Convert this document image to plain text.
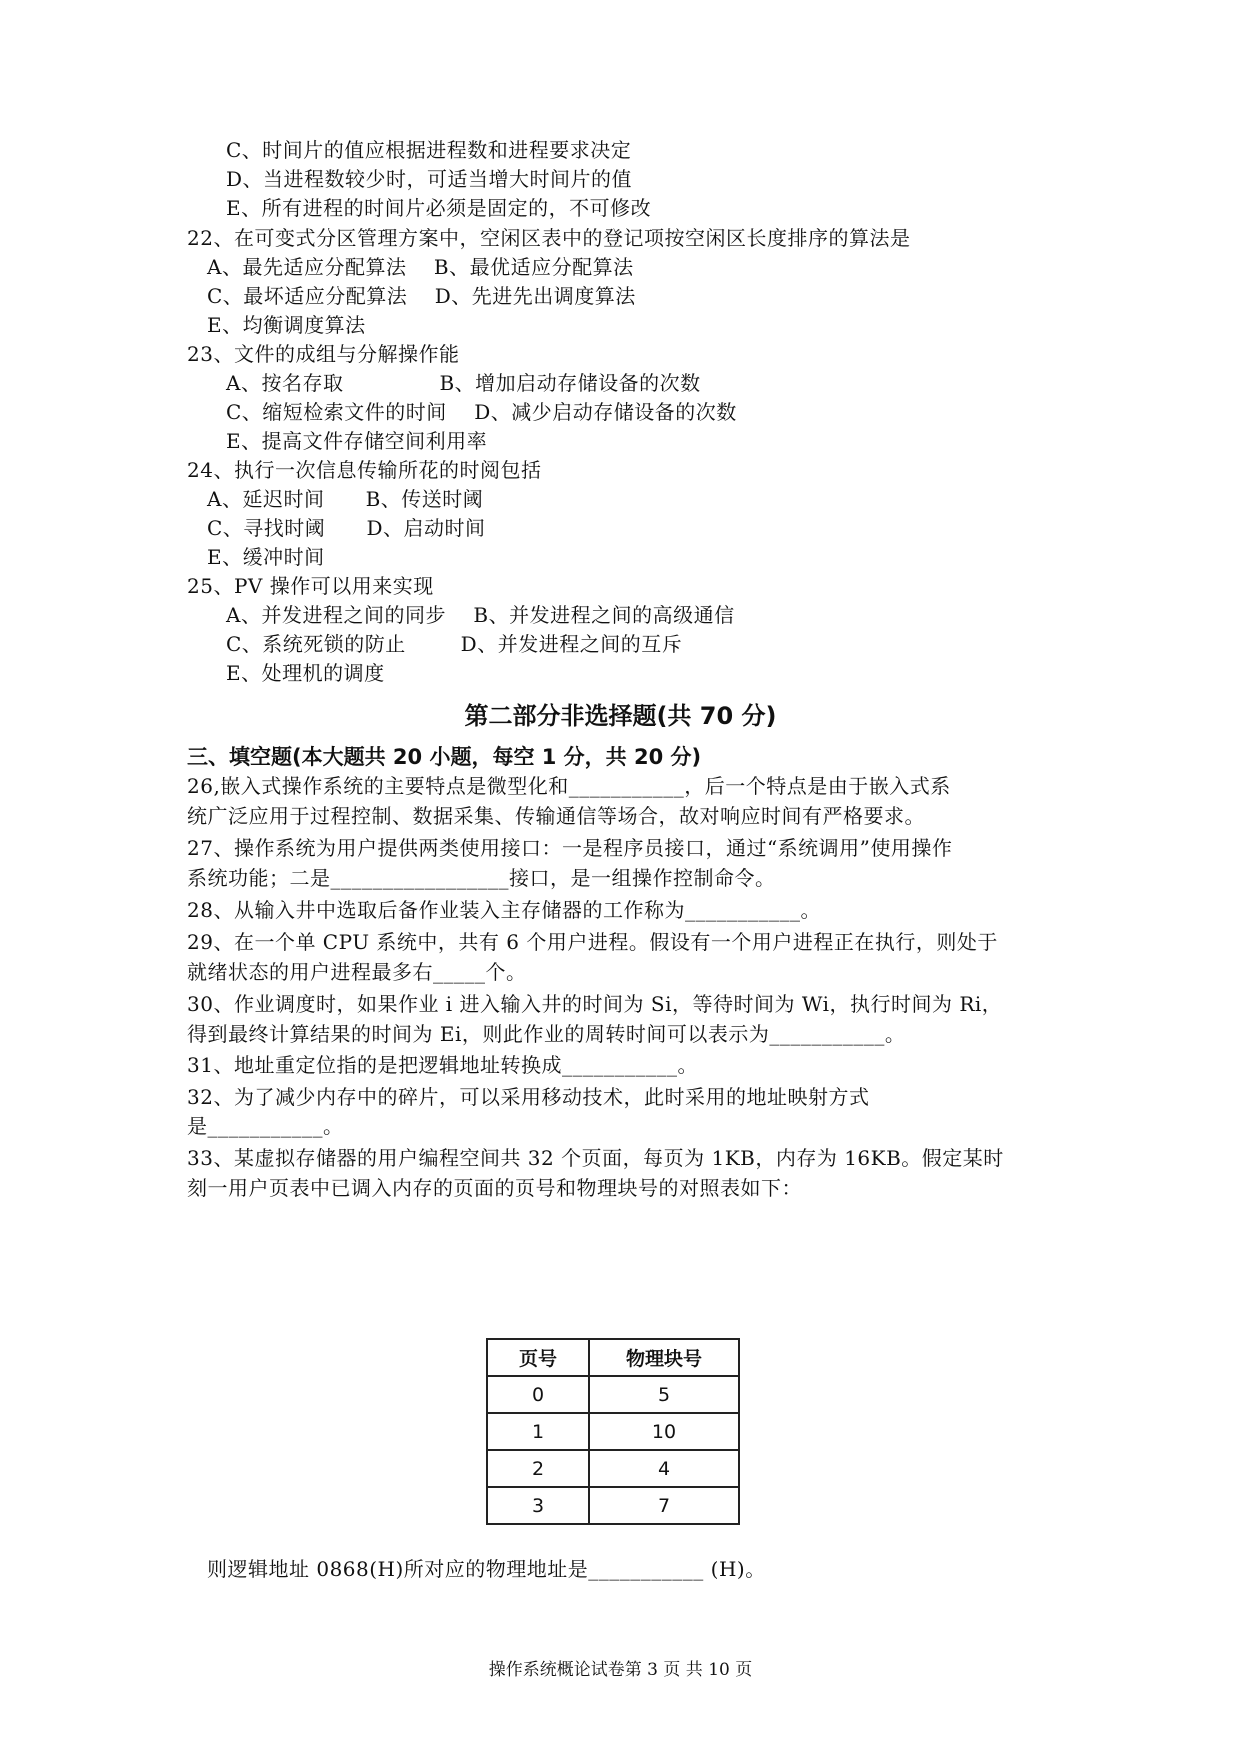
C、时间片的值应根据进程数和进程要求决定
D、当进程数较少时，可适当增大时间片的值
E、所有进程的时间片必须是固定的，不可修改
22、在可变式分区管理方案中，空闲区表中的登记项按空闲区长度排序的算法是
A、最先适应分配算法    B、最优适应分配算法
C、最坏适应分配算法    D、先进先出调度算法
E、均衡调度算法
23、文件的成组与分解操作能
A、按名存取              B、增加启动存储设备的次数
C、缩短检索文件的时间    D、减少启动存储设备的次数
E、提高文件存储空间利用率
24、执行一次信息传输所花的时阅包括
A、延迟时间      B、传送时阈
C、寻找时阈      D、启动时间
E、缓冲时间
25、PV 操作可以用来实现
A、并发进程之间的同步    B、并发进程之间的高级通信
C、系统死锁的防止        D、并发进程之间的互斥
E、处理机的调度
第二部分非选择题(共 70 分)
三、填空题(本大题共 20 小题，每空 1 分，共 20 分)
26,嵌入式操作系统的主要特点是微型化和___________，后一个特点是由于嵌入式系
统广泛应用于过程控制、数据采集、传输通信等场合，故对响应时间有严格要求。
27、操作系统为用户提供两类使用接口：一是程序员接口，通过“系统调用”使用操作
系统功能；二是_________________接口，是一组操作控制命令。
28、从输入井中选取后备作业装入主存储器的工作称为___________。
29、在一个单 CPU 系统中，共有 6 个用户进程。假设有一个用户进程正在执行，则处于
就绪状态的用户进程最多右_____个。
30、作业调度时，如果作业 i 进入输入井的时间为 Si，等待时间为 Wi，执行时间为 Ri，
得到最终计算结果的时间为 Ei，则此作业的周转时间可以表示为___________。
31、地址重定位指的是把逻辑地址转换成___________。
32、为了减少内存中的碎片，可以采用移动技术，此时采用的地址映射方式
是___________。
33、某虚拟存储器的用户编程空间共 32 个页面，每页为 1KB，内存为 16KB。假定某时
刻一用户页表中已调入内存的页面的页号和物理块号的对照表如下：
页号	物理块号
0	5
1	10
2	4
3	7
则逻辑地址 0868(H)所对应的物理地址是___________ (H)。
操作系统概论试卷第 3 页 共 10 页
